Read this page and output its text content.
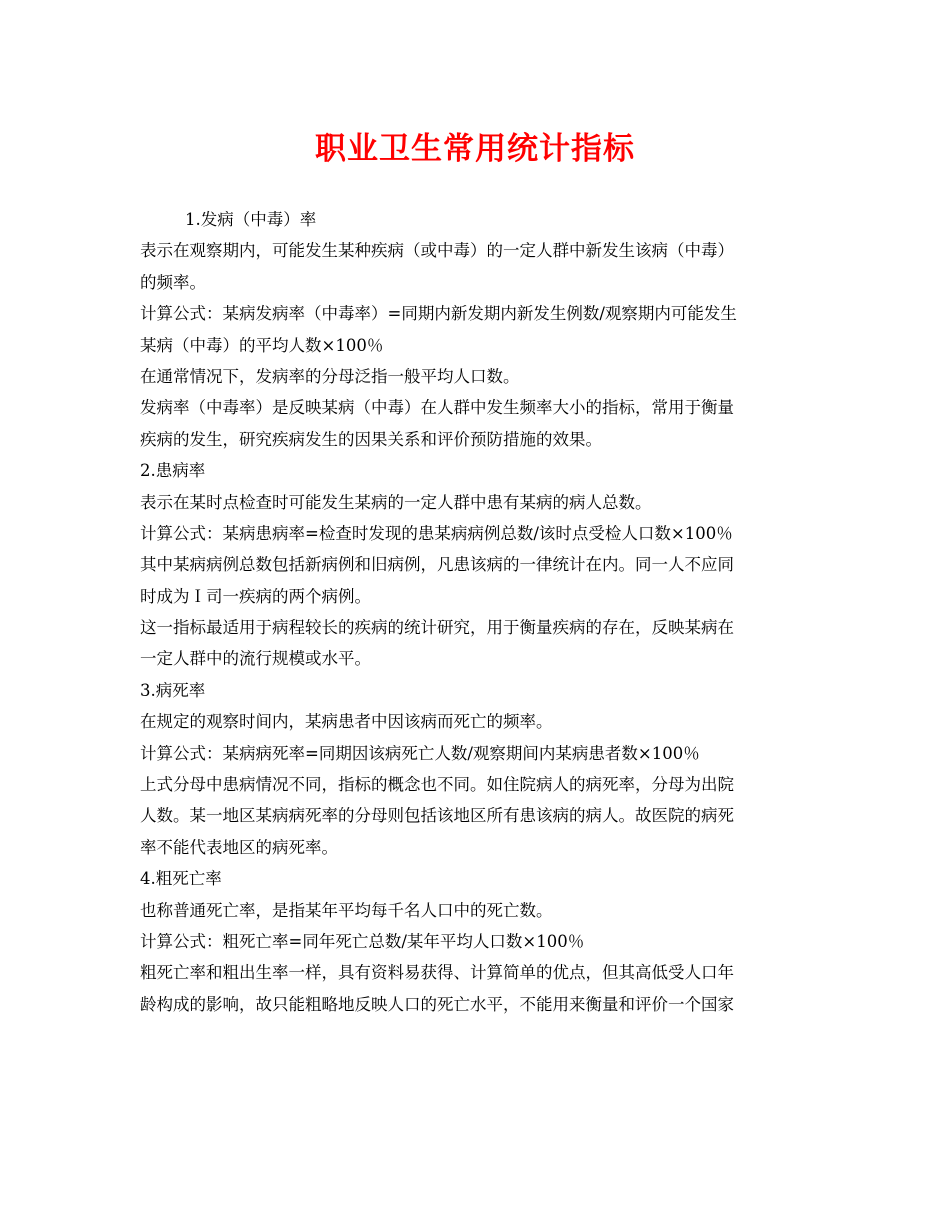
职业卫生常用统计指标
1.发病（中毒）率
表示在观察期内，可能发生某种疾病（或中毒）的一定人群中新发生该病（中毒）
的频率。
计算公式：某病发病率（中毒率）=同期内新发期内新发生例数/观察期内可能发生
某病（中毒）的平均人数×100％
在通常情况下，发病率的分母泛指一般平均人口数。
发病率（中毒率）是反映某病（中毒）在人群中发生频率大小的指标，常用于衡量
疾病的发生，研究疾病发生的因果关系和评价预防措施的效果。
2.患病率
表示在某时点检查时可能发生某病的一定人群中患有某病的病人总数。
计算公式：某病患病率=检查时发现的患某病病例总数/该时点受检人口数×100％
其中某病病例总数包括新病例和旧病例，凡患该病的一律统计在内。同一人不应同
时成为Ｉ司一疾病的两个病例。
这一指标最适用于病程较长的疾病的统计研究，用于衡量疾病的存在，反映某病在
一定人群中的流行规模或水平。
3.病死率
在规定的观察时间内，某病患者中因该病而死亡的频率。
计算公式：某病病死率=同期因该病死亡人数/观察期间内某病患者数×100％
上式分母中患病情况不同，指标的概念也不同。如住院病人的病死率，分母为出院
人数。某一地区某病病死率的分母则包括该地区所有患该病的病人。故医院的病死
率不能代表地区的病死率。
4.粗死亡率
也称普通死亡率，是指某年平均每千名人口中的死亡数。
计算公式：粗死亡率=同年死亡总数/某年平均人口数×100％
粗死亡率和粗出生率一样，具有资料易获得、计算简单的优点，但其高低受人口年
龄构成的影响，故只能粗略地反映人口的死亡水平，不能用来衡量和评价一个国家
